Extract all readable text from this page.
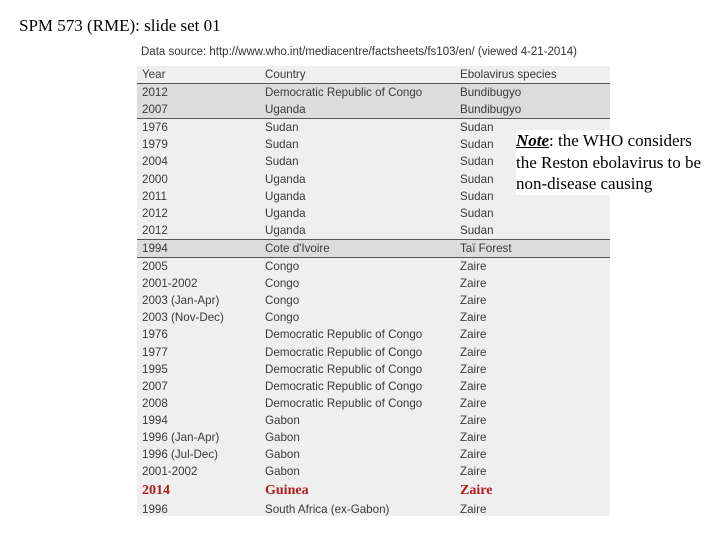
SPM 573 (RME): slide set 01
Data source: http://www.who.int/mediacentre/factsheets/fs103/en/ (viewed 4-21-2014)
Year	Country	Ebolavirus species
2012	Democratic Republic of Congo	Bundibugyo
2007	Uganda	Bundibugyo
1976	Sudan	Sudan
1979	Sudan	Sudan
2004	Sudan	Sudan
2000	Uganda	Sudan
2011	Uganda	Sudan
2012	Uganda	Sudan
2012	Uganda	Sudan
1994	Cote d'Ivoire	Taï Forest
2005	Congo	Zaire
2001-2002	Congo	Zaire
2003 (Jan-Apr)	Congo	Zaire
2003 (Nov-Dec)	Congo	Zaire
1976	Democratic Republic of Congo	Zaire
1977	Democratic Republic of Congo	Zaire
1995	Democratic Republic of Congo	Zaire
2007	Democratic Republic of Congo	Zaire
2008	Democratic Republic of Congo	Zaire
1994	Gabon	Zaire
1996 (Jan-Apr)	Gabon	Zaire
1996 (Jul-Dec)	Gabon	Zaire
2001-2002	Gabon	Zaire
2014	Guinea	Zaire
1996	South Africa (ex-Gabon)	Zaire
Note: the WHO considers the Reston ebolavirus to be non-disease causing
